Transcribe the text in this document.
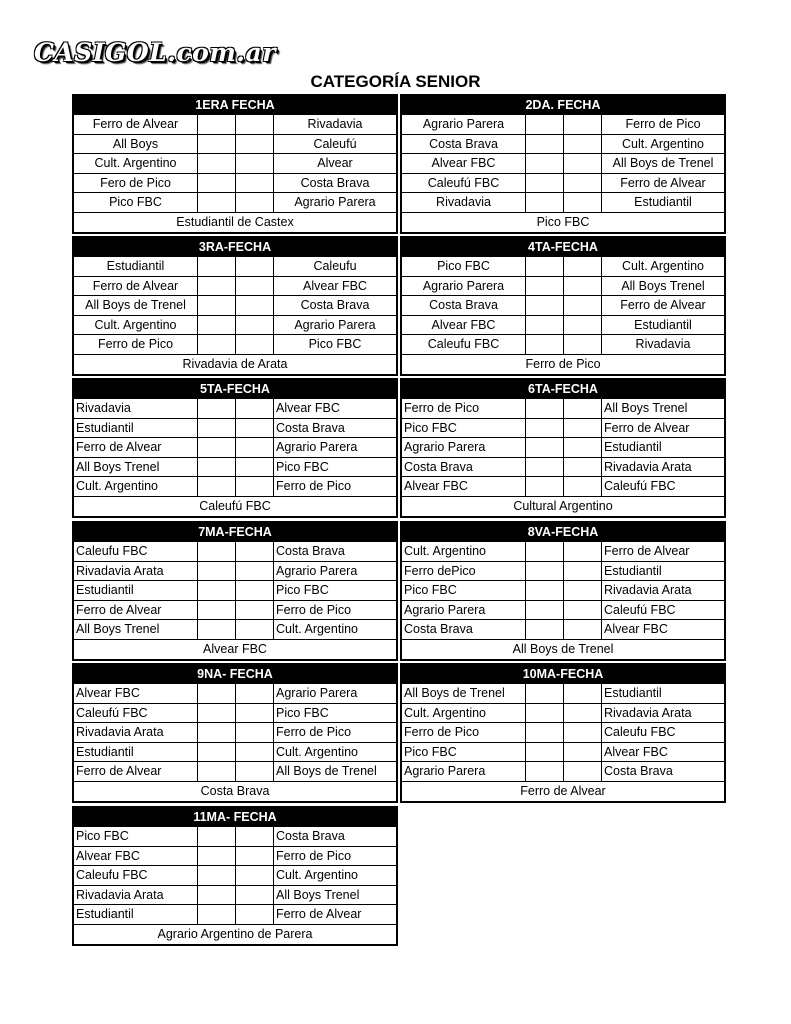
CASIGOL.com.ar
CATEGORÍA SENIOR
1ERA FECHA
Ferro de Alvear	Rivadavia
All Boys	Caleufú
Cult. Argentino	Alvear
Fero de Pico	Costa Brava
Pico FBC	Agrario Parera
Estudiantil de Castex
2DA. FECHA
Agrario Parera	Ferro de Pico
Costa Brava	Cult. Argentino
Alvear FBC	All Boys de Trenel
Caleufú FBC	Ferro de Alvear
Rivadavia	Estudiantil
Pico FBC
3RA-FECHA
Estudiantil	Caleufu
Ferro de Alvear	Alvear FBC
All Boys de Trenel	Costa Brava
Cult. Argentino	Agrario Parera
Ferro de Pico	Pico FBC
Rivadavia de Arata
4TA-FECHA
Pico FBC	Cult. Argentino
Agrario Parera	All Boys Trenel
Costa Brava	Ferro de Alvear
Alvear FBC	Estudiantil
Caleufu FBC	Rivadavia
Ferro de Pico
5TA-FECHA
Rivadavia	Alvear FBC
Estudiantil	Costa Brava
Ferro de Alvear	Agrario Parera
All Boys Trenel	Pico FBC
Cult. Argentino	Ferro de Pico
Caleufú FBC
6TA-FECHA
Ferro de Pico	All Boys Trenel
Pico FBC	Ferro de Alvear
Agrario Parera	Estudiantil
Costa Brava	Rivadavia Arata
Alvear FBC	Caleufú FBC
Cultural Argentino
7MA-FECHA
Caleufu FBC	Costa Brava
Rivadavia Arata	Agrario Parera
Estudiantil	Pico FBC
Ferro de Alvear	Ferro de Pico
All Boys Trenel	Cult. Argentino
Alvear FBC
8VA-FECHA
Cult. Argentino	Ferro de Alvear
Ferro dePico	Estudiantil
Pico FBC	Rivadavia Arata
Agrario Parera	Caleufú FBC
Costa Brava	Alvear FBC
All Boys de Trenel
9NA- FECHA
Alvear FBC	Agrario Parera
Caleufú FBC	Pico FBC
Rivadavia Arata	Ferro de Pico
Estudiantil	Cult. Argentino
Ferro de Alvear	All Boys de Trenel
Costa Brava
10MA-FECHA
All Boys de Trenel	Estudiantil
Cult. Argentino	Rivadavia Arata
Ferro de Pico	Caleufu FBC
Pico FBC	Alvear FBC
Agrario Parera	Costa Brava
Ferro de Alvear
11MA- FECHA
Pico FBC	Costa Brava
Alvear FBC	Ferro de Pico
Caleufu FBC	Cult. Argentino
Rivadavia Arata	All Boys Trenel
Estudiantil	Ferro de Alvear
Agrario Argentino de Parera
